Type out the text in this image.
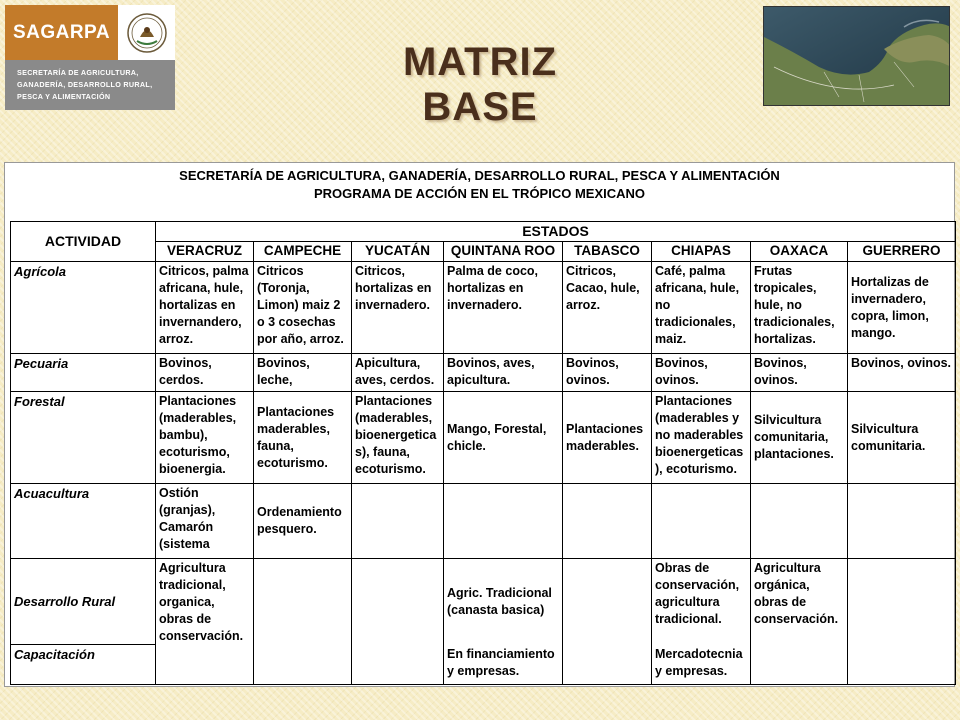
SAGARPA
SECRETARÍA DE AGRICULTURA,
GANADERÍA, DESARROLLO RURAL,
PESCA Y ALIMENTACIÓN
MATRIZ BASE
SECRETARÍA DE AGRICULTURA, GANADERÍA, DESARROLLO RURAL, PESCA Y ALIMENTACIÓN
PROGRAMA DE ACCIÓN EN EL TRÓPICO MEXICANO
ACTIVIDAD	ESTADOS							
	VERACRUZ	CAMPECHE	YUCATÁN	QUINTANA ROO	TABASCO	CHIAPAS	OAXACA	GUERRERO
Agrícola	Citricos, palma africana, hule, hortalizas en invernandero, arroz.	Citricos (Toronja, Limon) maiz 2 o 3 cosechas por año, arroz.	Citricos, hortalizas en invernadero.	Palma de coco, hortalizas en invernadero.	Citricos, Cacao, hule, arroz.	Café, palma africana, hule, no tradicionales, maiz.	Frutas tropicales, hule, no tradicionales, hortalizas.	Hortalizas de invernadero, copra, limon, mango.
Pecuaria	Bovinos, cerdos.	Bovinos, leche,	Apicultura, aves, cerdos.	Bovinos, aves, apicultura.	Bovinos, ovinos.	Bovinos, ovinos.	Bovinos, ovinos.	Bovinos, ovinos.
Forestal	Plantaciones (maderables, bambu), ecoturismo, bioenergia.	Plantaciones maderables, fauna, ecoturismo.	Plantaciones (maderables, bioenergetica s), fauna, ecoturismo.	Mango, Forestal, chicle.	Plantaciones maderables.	Plantaciones (maderables y no maderables bioenergeticas ), ecoturismo.	Silvicultura comunitaria, plantaciones.	Silvicultura comunitaria.
Acuacultura	Ostión (granjas), Camarón (sistema	Ordenamiento pesquero.						
Desarrollo Rural	Agricultura tradicional, organica, obras de conservación.			Agric. Tradicional (canasta basica)		Obras de conservación, agricultura tradicional.	Agricultura orgánica, obras de conservación.	
Capacitación				En financiamiento y empresas.		Mercadotecnia y empresas.		
